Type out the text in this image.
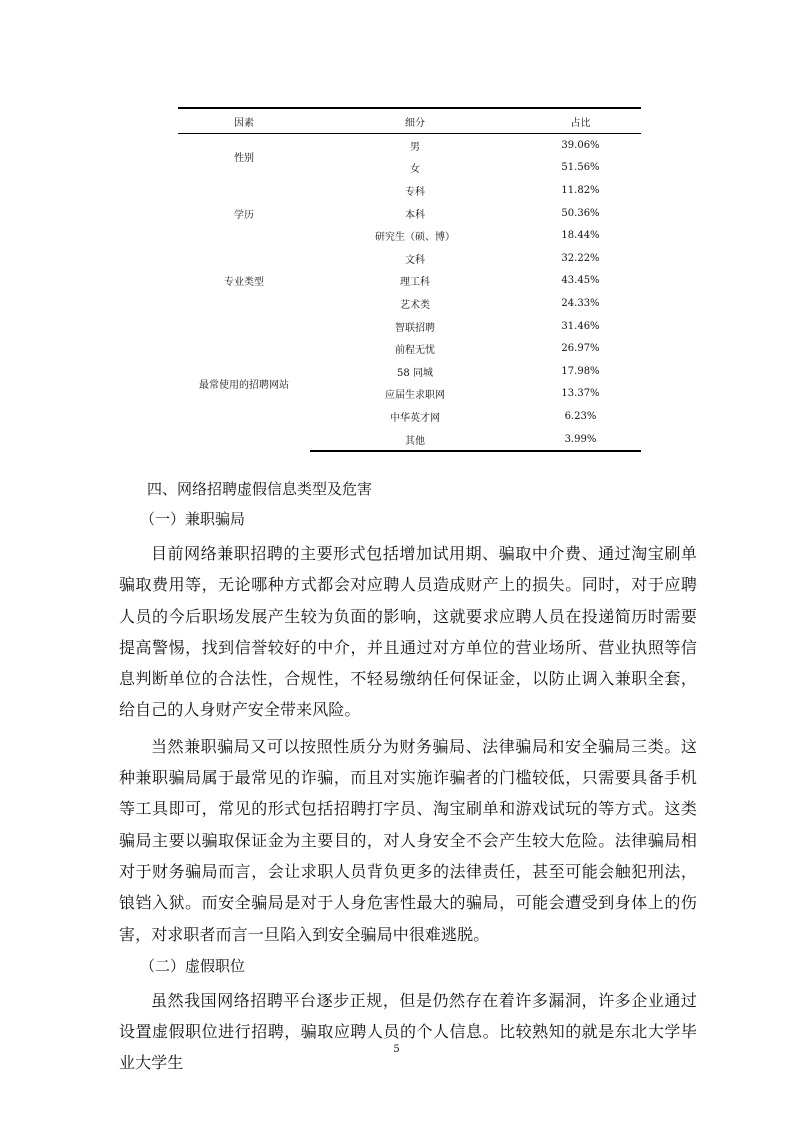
因素	细分	占比
性别	男	39.06%
	女	51.56%
学历	专科	11.82%
	本科	50.36%
	研究生（硕、博）	18.44%
专业类型	文科	32.22%
	理工科	43.45%
	艺术类	24.33%
最常使用的招聘网站	智联招聘	31.46%
	前程无忧	26.97%
	58 同城	17.98%
	应届生求职网	13.37%
	中华英才网	6.23%
	其他	3.99%

四、网络招聘虚假信息类型及危害

（一）兼职骗局

目前网络兼职招聘的主要形式包括增加试用期、骗取中介费、通过淘宝刷单骗取费用等，无论哪种方式都会对应聘人员造成财产上的损失。同时，对于应聘人员的今后职场发展产生较为负面的影响，这就要求应聘人员在投递简历时需要提高警惕，找到信誉较好的中介，并且通过对方单位的营业场所、营业执照等信息判断单位的合法性，合规性，不轻易缴纳任何保证金，以防止调入兼职全套，给自己的人身财产安全带来风险。

当然兼职骗局又可以按照性质分为财务骗局、法律骗局和安全骗局三类。这种兼职骗局属于最常见的诈骗，而且对实施诈骗者的门槛较低，只需要具备手机等工具即可，常见的形式包括招聘打字员、淘宝刷单和游戏试玩的等方式。这类骗局主要以骗取保证金为主要目的，对人身安全不会产生较大危险。法律骗局相对于财务骗局而言，会让求职人员背负更多的法律责任，甚至可能会触犯刑法，锒铛入狱。而安全骗局是对于人身危害性最大的骗局，可能会遭受到身体上的伤害，对求职者而言一旦陷入到安全骗局中很难逃脱。

（二）虚假职位

虽然我国网络招聘平台逐步正规，但是仍然存在着许多漏洞，许多企业通过设置虚假职位进行招聘，骗取应聘人员的个人信息。比较熟知的就是东北大学毕业大学生

5
